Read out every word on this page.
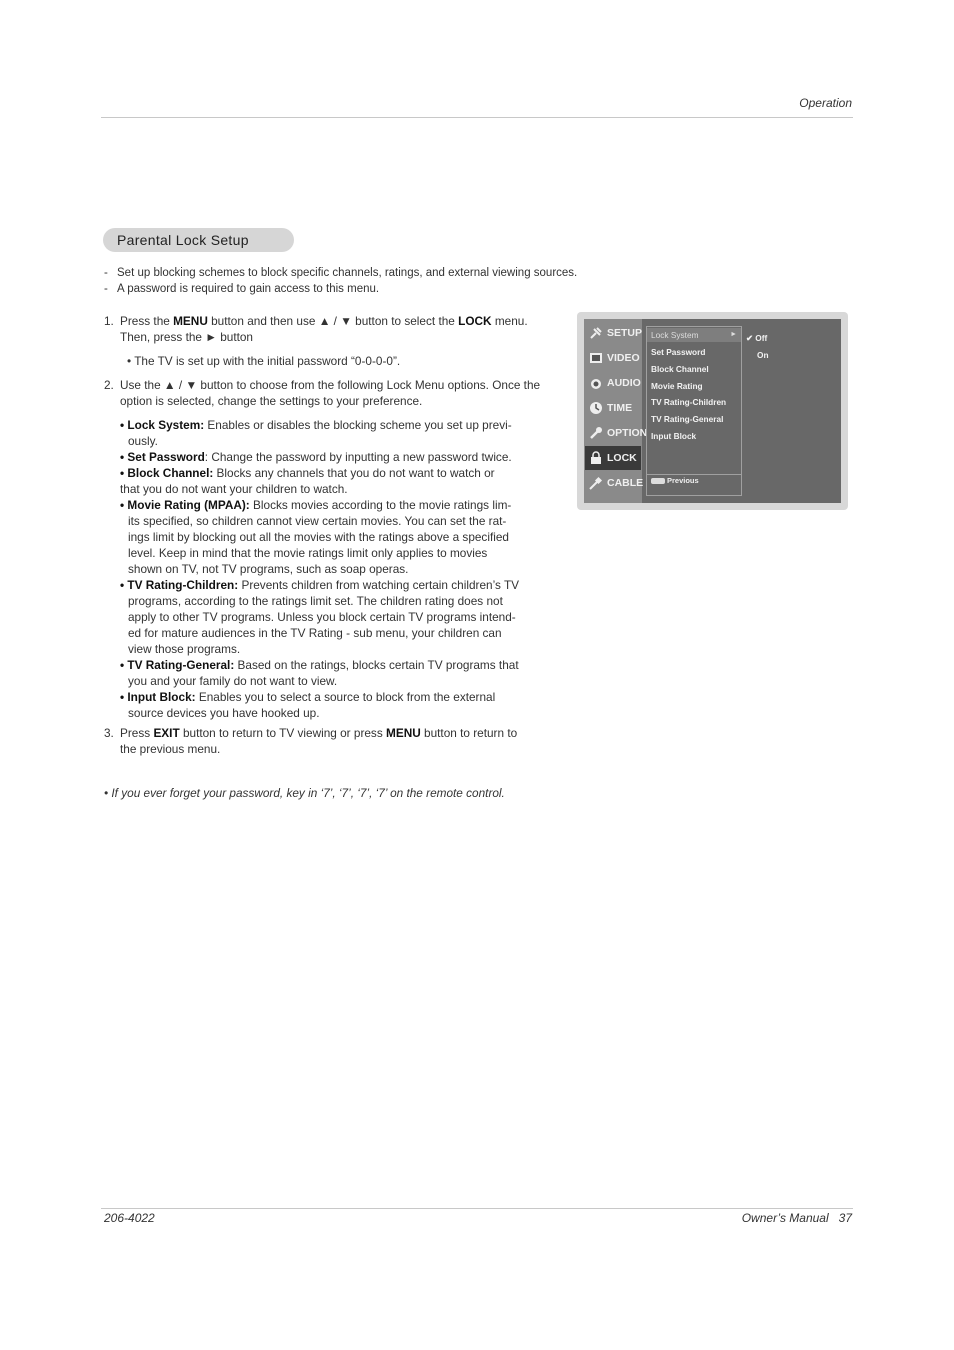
Operation
Parental Lock Setup
- Set up blocking schemes to block specific channels, ratings, and external viewing sources.
- A password is required to gain access to this menu.
1. Press the MENU button and then use ▲ / ▼ button to select the LOCK menu.
Then, press the ► button
• The TV is set up with the initial password “0-0-0-0”.
2. Use the ▲ / ▼ button to choose from the following Lock Menu options. Once the
option is selected, change the settings to your preference.
• Lock System: Enables or disables the blocking scheme you set up previ-
ously.
• Set Password: Change the password by inputting a new password twice.
• Block Channel: Blocks any channels that you do not want to watch or
that you do not want your children to watch.
• Movie Rating (MPAA): Blocks movies according to the movie ratings lim-
its specified, so children cannot view certain movies. You can set the rat-
ings limit by blocking out all the movies with the ratings above a specified
level. Keep in mind that the movie ratings limit only applies to movies
shown on TV, not TV programs, such as soap operas.
• TV Rating-Children: Prevents children from watching certain children’s TV
programs, according to the ratings limit set. The children rating does not
apply to other TV programs. Unless you block certain TV programs intend-
ed for mature audiences in the TV Rating - sub menu, your children can
view those programs.
• TV Rating-General: Based on the ratings, blocks certain TV programs that
you and your family do not want to view.
• Input Block: Enables you to select a source to block from the external
source devices you have hooked up.
3. Press EXIT button to return to TV viewing or press MENU button to return to
the previous menu.
• If you ever forget your password, key in ‘7’, ‘7’, ‘7’, ‘7’ on the remote control.
SETUP
VIDEO
AUDIO
TIME
OPTION
LOCK
CABLE
Lock System	►
Set Password
Block Channel
Movie Rating
TV Rating-Children
TV Rating-General
Input Block
Previous
✔ Off
On
206-4022	Owner’s Manual   37
